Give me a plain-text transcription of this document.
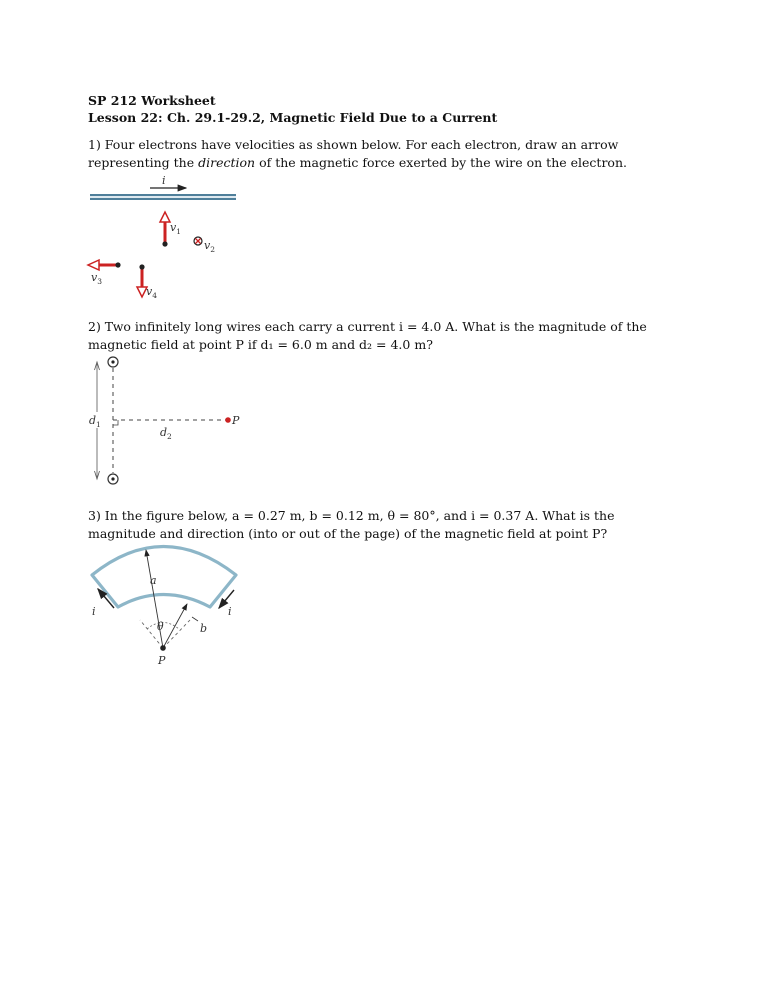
SP 212 Worksheet
Lesson 22: Ch. 29.1-29.2, Magnetic Field Due to a Current
1) Four electrons have velocities as shown below. For each electron, draw an arrow representing the direction of the magnetic force exerted by the wire on the electron.
i
$v_1$
$v_2$
$v_3$
$v_4$
$d_1$
$d_2$
P
a
b
θ
i	i
P
2) Two infinitely long wires each carry a current i = 4.0 A. What is the magnitude of the magnetic field at point P if d₁ = 6.0 m and d₂ = 4.0 m?
3) In the figure below, a = 0.27 m, b = 0.12 m, θ = 80°, and i = 0.37 A. What is the magnitude and direction (into or out of the page) of the magnetic field at point P?
